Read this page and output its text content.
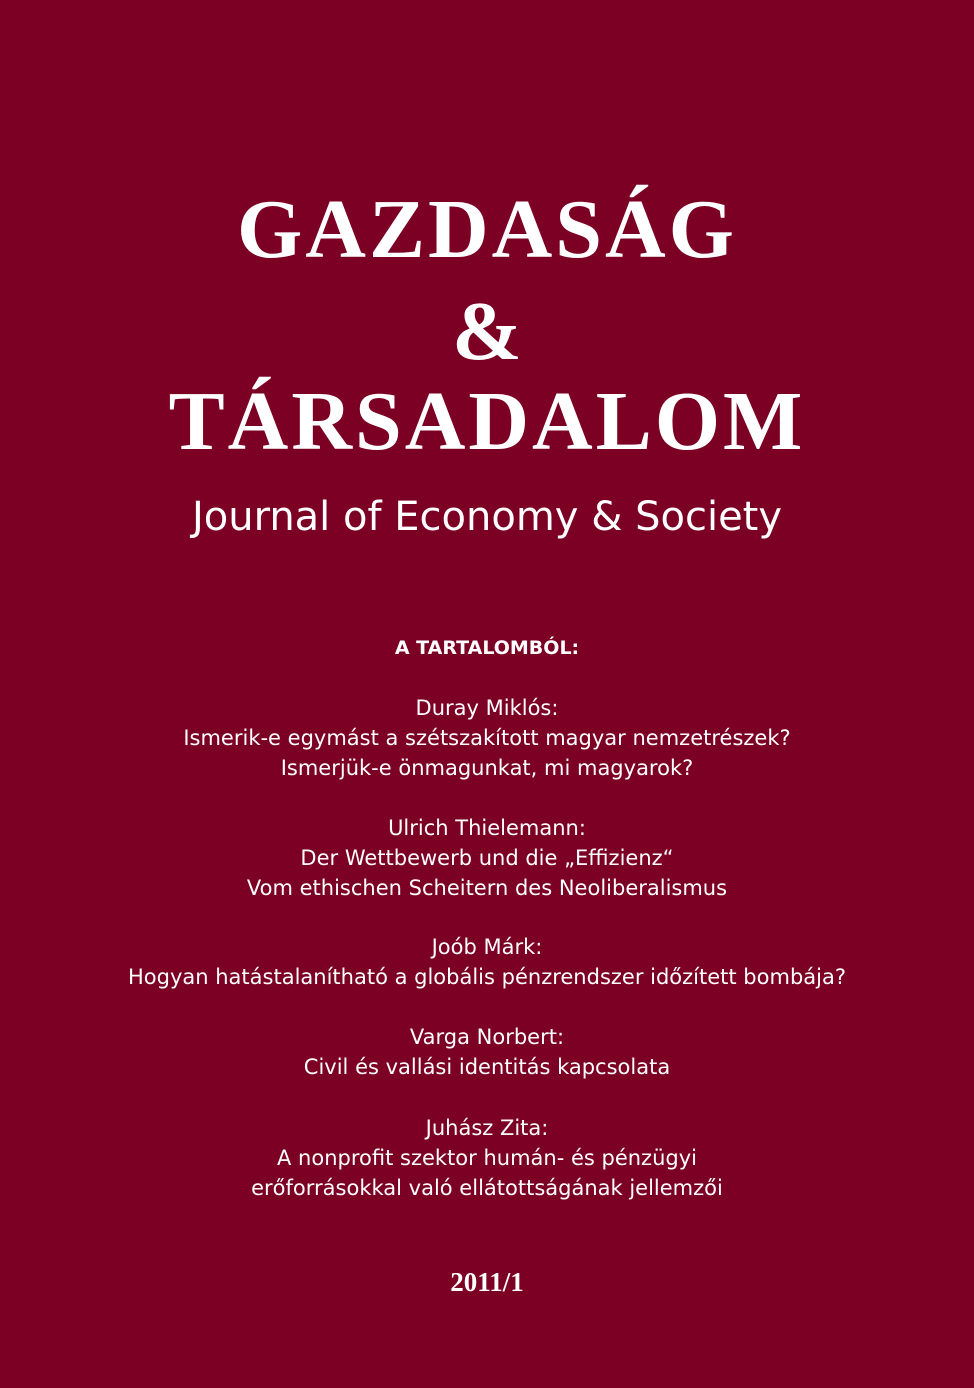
GAZDASÁG
&
TÁRSADALOM
Journal of Economy & Society
A TARTALOMBÓL:
Duray Miklós:
Ismerik-e egymást a szétszakított magyar nemzetrészek?
Ismerjük-e önmagunkat, mi magyarok?
Ulrich Thielemann:
Der Wettbewerb und die „Effizienz“
Vom ethischen Scheitern des Neoliberalismus
Joób Márk:
Hogyan hatástalanítható a globális pénzrendszer időzített bombája?
Varga Norbert:
Civil és vallási identitás kapcsolata
Juhász Zita:
A nonprofit szektor humán- és pénzügyi
erőforrásokkal való ellátottságának jellemzői
2011/1
